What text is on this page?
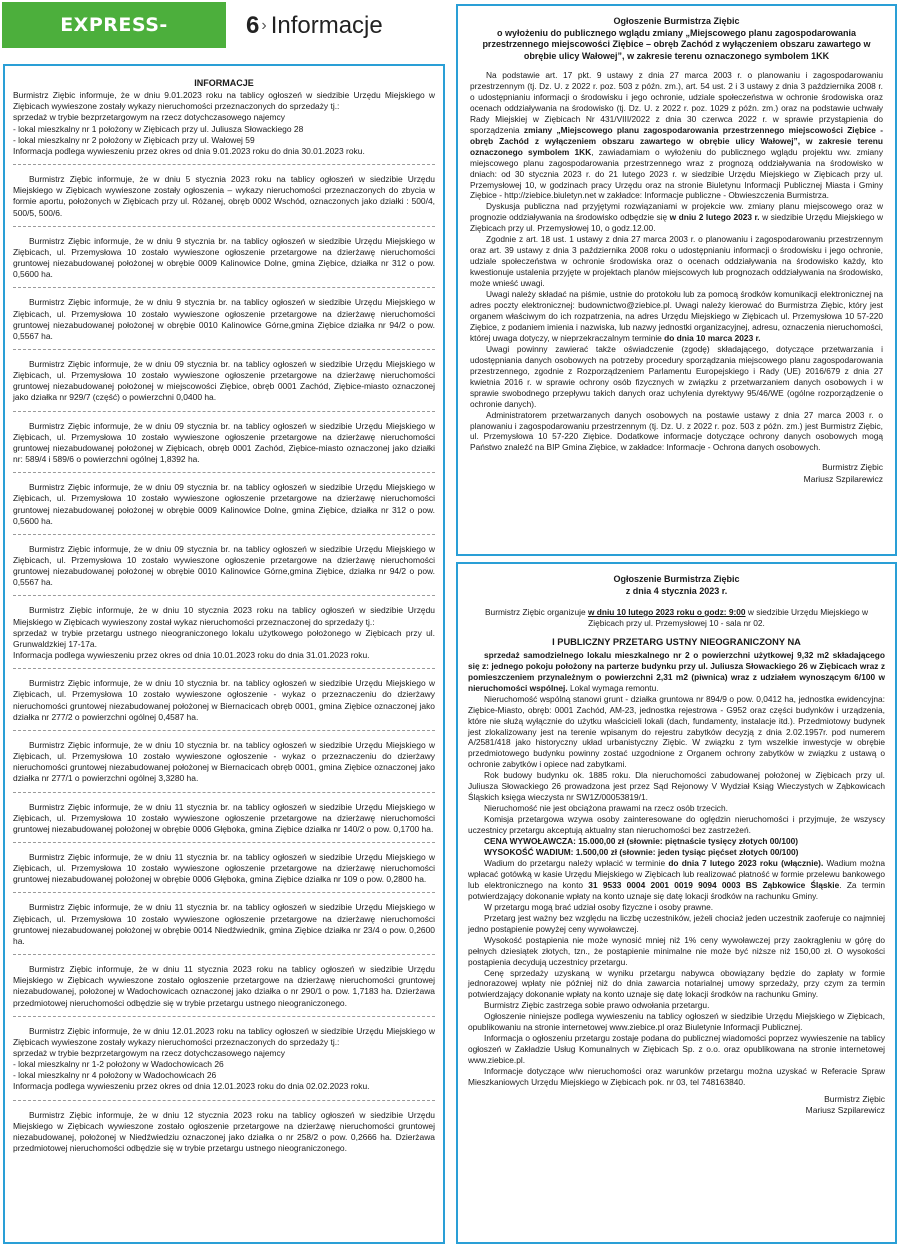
EXPRESS-	6 › Informacje
INFORMACJE

Burmistrz Ziębic informuje, że w dniu 9.01.2023 roku na tablicy ogłoszeń w siedzibie Urzędu Miejskiego w Ziębicach wywieszone zostały wykazy nieruchomości przeznaczonych do sprzedaży tj.:

sprzedaż w trybie bezprzetargowym na rzecz dotychczasowego najemcy

- lokal mieszkalny nr 1 położony w Ziębicach przy ul. Juliusza Słowackiego 28

- lokal mieszkalny nr 2 położony w Ziębicach przy ul. Wałowej 59

Informacja podlega wywieszeniu przez okres od dnia 9.01.2023 roku do dnia 30.01.2023 roku.

Burmistrz Ziębic informuje, że w dniu 5 stycznia 2023 roku na tablicy ogłoszeń w siedzibie Urzędu Miejskiego w Ziębicach wywieszone zostały ogłoszenia – wykazy nieruchomości przeznaczonych do zbycia w formie aportu, położonych w Ziębicach przy ul. Różanej, obręb 0002 Wschód, oznaczonych jako działki : 500/4, 500/5, 500/6.

Burmistrz Ziębic informuje, że w dniu 9 stycznia br. na tablicy ogłoszeń w siedzibie Urzędu Miejskiego w Ziębicach, ul. Przemysłowa 10 zostało wywieszone ogłoszenie przetargowe na dzierżawę nieruchomości gruntowej niezabudowanej położonej w obrębie 0009 Kalinowice Dolne, gmina Ziębice, działka nr 312 o pow. 0,5600 ha.

Burmistrz Ziębic informuje, że w dniu 9 stycznia br. na tablicy ogłoszeń w siedzibie Urzędu Miejskiego w Ziębicach, ul. Przemysłowa 10 zostało wywieszone ogłoszenie przetargowe na dzierżawę nieruchomości gruntowej niezabudowanej położonej w obrębie 0010 Kalinowice Górne,gmina Ziębice działka nr 94/2 o pow. 0,5567 ha.

Burmistrz Ziębic informuje, że w dniu 09 stycznia br. na tablicy ogłoszeń w siedzibie Urzędu Miejskiego w Ziębicach, ul. Przemysłowa 10 zostało wywieszone ogłoszenie przetargowe na dzierżawę nieruchomości gruntowej niezabudowanej położonej w miejscowości Ziębice, obręb 0001 Zachód, Ziębice-miasto oznaczonej jako działka nr 929/7 (część) o powierzchni 0,0400 ha.

Burmistrz Ziębic informuje, że w dniu 09 stycznia br. na tablicy ogłoszeń w siedzibie Urzędu Miejskiego w Ziębicach, ul. Przemysłowa 10 zostało wywieszone ogłoszenie przetargowe na dzierżawę nieruchomości gruntowej niezabudowanej położonej w Ziębicach, obręb 0001 Zachód, Ziębice-miasto oznaczonej jako działki nr: 589/4 i 589/6 o powierzchni ogólnej 1,8392 ha.

Burmistrz Ziębic informuje, że w dniu 09 stycznia br. na tablicy ogłoszeń w siedzibie Urzędu Miejskiego w Ziębicach, ul. Przemysłowa 10 zostało wywieszone ogłoszenie przetargowe na dzierżawę nieruchomości gruntowej niezabudowanej położonej w obrębie 0009 Kalinowice Dolne, gmina Ziębice, działka nr 312 o pow. 0,5600 ha.

Burmistrz Ziębic informuje, że w dniu 09 stycznia br. na tablicy ogłoszeń w siedzibie Urzędu Miejskiego w Ziębicach, ul. Przemysłowa 10 zostało wywieszone ogłoszenie przetargowe na dzierżawę nieruchomości gruntowej niezabudowanej położonej w obrębie 0010 Kalinowice Górne,gmina Ziębice, działka nr 94/2 o pow. 0,5567 ha.

Burmistrz Ziębic informuje, że w dniu 10 stycznia 2023 roku na tablicy ogłoszeń w siedzibie Urzędu Miejskiego w Ziębicach wywieszony został wykaz nieruchomości przeznaczonej do sprzedaży tj.:

sprzedaż w trybie przetargu ustnego nieograniczonego lokalu użytkowego położonego w Ziębicach przy ul. Grunwaldzkiej 17-17a.

Informacja podlega wywieszeniu przez okres od dnia 10.01.2023 roku do dnia 31.01.2023 roku.

Burmistrz Ziębic informuje, że w dniu 10 stycznia br. na tablicy ogłoszeń w siedzibie Urzędu Miejskiego w Ziębicach, ul. Przemysłowa 10 zostało wywieszone ogłoszenie - wykaz o przeznaczeniu do dzierżawy nieruchomości gruntowej niezabudowanej położonej w Biernacicach obręb 0001, gmina Ziębice oznaczonej jako działka nr 277/2 o powierzchni ogólnej 0,4587 ha.

Burmistrz Ziębic informuje, że w dniu 10 stycznia br. na tablicy ogłoszeń w siedzibie Urzędu Miejskiego w Ziębicach, ul. Przemysłowa 10 zostało wywieszone ogłoszenie - wykaz o przeznaczeniu do dzierżawy nieruchomości gruntowej niezabudowanej położonej w Biernacicach obręb 0001, gmina Ziębice oznaczonej jako działka nr 277/1 o powierzchni ogólnej 3,3280 ha.

Burmistrz Ziębic informuje, że w dniu 11 stycznia br. na tablicy ogłoszeń w siedzibie Urzędu Miejskiego w Ziębicach, ul. Przemysłowa 10 zostało wywieszone ogłoszenie przetargowe na dzierżawę nieruchomości gruntowej niezabudowanej położonej w obrębie 0006 Głęboka, gmina Ziębice działka nr 140/2 o pow. 0,1700 ha.

Burmistrz Ziębic informuje, że w dniu 11 stycznia br. na tablicy ogłoszeń w siedzibie Urzędu Miejskiego w Ziębicach, ul. Przemysłowa 10 zostało wywieszone ogłoszenie przetargowe na dzierżawę nieruchomości gruntowej niezabudowanej położonej w obrębie 0006 Głęboka, gmina Ziębice działka nr 109 o pow. 0,2800 ha.

Burmistrz Ziębic informuje, że w dniu 11 stycznia br. na tablicy ogłoszeń w siedzibie Urzędu Miejskiego w Ziębicach, ul. Przemysłowa 10 zostało wywieszone ogłoszenie przetargowe na dzierżawę nieruchomości gruntowej niezabudowanej położonej w obrębie 0014 Niedźwiednik, gmina Ziębice działka nr 23/4 o pow. 0,2600 ha.

Burmistrz Ziębic informuje, że w dniu 11 stycznia 2023 roku na tablicy ogłoszeń w siedzibie Urzędu Miejskiego w Ziębicach wywieszone zostało ogłoszenie przetargowe na dzierżawę nieruchomości gruntowej niezabudowanej, położonej w Wadochowicach oznaczonej jako działka o nr 290/1 o pow. 1,7183 ha. Dzierżawa przedmiotowej nieruchomości odbędzie się w trybie przetargu ustnego nieograniczonego.

Burmistrz Ziębic informuje, że w dniu 12.01.2023 roku na tablicy ogłoszeń w siedzibie Urzędu Miejskiego w Ziębicach wywieszone zostały wykazy nieruchomości przeznaczonych do sprzedaży tj.:

sprzedaż w trybie bezprzetargowym na rzecz dotychczasowego najemcy

- lokal mieszkalny nr 1-2 położony w Wadochowicach 26

- lokal mieszkalny nr 4 położony w Wadochowicach 26

Informacja podlega wywieszeniu przez okres od dnia 12.01.2023 roku do dnia 02.02.2023 roku.

Burmistrz Ziębic informuje, że w dniu 12 stycznia 2023 roku na tablicy ogłoszeń w siedzibie Urzędu Miejskiego w Ziębicach wywieszone zostało ogłoszenie przetargowe na dzierżawę nieruchomości gruntowej niezabudowanej, położonej w Niedźwiedziu oznaczonej jako działka o nr 258/2 o pow. 0,2666 ha. Dzierżawa przedmiotowej nieruchomości odbędzie się w trybie przetargu ustnego nieograniczonego.

Ogłoszenie Burmistrza Ziębic
o wyłożeniu do publicznego wglądu zmiany „Miejscowego planu zagospodarowania przestrzennego miejscowości Ziębice – obręb Zachód z wyłączeniem obszaru zawartego w obrębie ulicy Wałowej”, w zakresie terenu oznaczonego symbolem 1KK

Na podstawie art. 17 pkt. 9 ustawy z dnia 27 marca 2003 r. o planowaniu i zagospodarowaniu przestrzennym (tj. Dz. U. z 2022 r. poz. 503 z późn. zm.), art. 54 ust. 2 i 3 ustawy z dnia 3 października 2008 r. o udostępnianiu informacji o środowisku i jego ochronie, udziale społeczeństwa w ochronie środowiska oraz ocenach oddziaływania na środowisko (tj. Dz. U. z 2022 r. poz. 1029 z późn. zm.) oraz na podstawie uchwały Rady Miejskiej w Ziębicach Nr 431/VIII/2022 z dnia 30 czerwca 2022 r. w sprawie przystąpienia do sporządzenia zmiany „Miejscowego planu zagospodarowania przestrzennego miejscowości Ziębice - obręb Zachód z wyłączeniem obszaru zawartego w obrębie ulicy Wałowej”, w zakresie terenu oznaczonego symbolem 1KK, zawiadamiam o wyłożeniu do publicznego wglądu projektu ww. zmiany miejscowego planu zagospodarowania przestrzennego wraz z prognozą oddziaływania na środowisko w dniach: od 30 stycznia 2023 r. do 21 lutego 2023 r. w siedzibie Urzędu Miejskiego w Ziębicach przy ul. Przemysłowej 10, w godzinach pracy Urzędu oraz na stronie Biuletynu Informacji Publicznej Miasta i Gminy Ziębice - http://ziebice.biuletyn.net w zakładce: Informacje publiczne - Obwieszczenia Burmistrza.

Dyskusja publiczna nad przyjętymi rozwiązaniami w projekcie ww. zmiany planu miejscowego oraz w prognozie oddziaływania na środowisko odbędzie się w dniu 2 lutego 2023 r. w siedzibie Urzędu Miejskiego w Ziębicach przy ul. Przemysłowej 10, o godz.12.00.

Zgodnie z art. 18 ust. 1 ustawy z dnia 27 marca 2003 r. o planowaniu i zagospodarowaniu przestrzennym oraz art. 39 ustawy z dnia 3 października 2008 roku o udostępnianiu informacji o środowisku i jego ochronie, udziale społeczeństwa w ochronie środowiska oraz o ocenach oddziaływania na środowisko każdy, kto kwestionuje ustalenia przyjęte w projektach planów miejscowych lub prognozach oddziaływania na środowisko, może wnieść uwagi.

Uwagi należy składać na piśmie, ustnie do protokołu lub za pomocą środków komunikacji elektronicznej na adres poczty elektronicznej: budownictwo@ziebice.pl. Uwagi należy kierować do Burmistrza Ziębic, który jest organem właściwym do ich rozpatrzenia, na adres Urzędu Miejskiego w Ziębicach ul. Przemysłowa 10 57-220 Ziębice, z podaniem imienia i nazwiska, lub nazwy jednostki organizacyjnej, adresu, oznaczenia nieruchomości, której uwaga dotyczy, w nieprzekraczalnym terminie do dnia 10 marca 2023 r.

Uwagi powinny zawierać także oświadczenie (zgodę) składającego, dotyczące przetwarzania i udostępniania danych osobowych na potrzeby procedury sporządzania miejscowego planu zagospodarowania przestrzennego, zgodnie z Rozporządzeniem Parlamentu Europejskiego i Rady (UE) 2016/679 z dnia 27 kwietnia 2016 r. w sprawie ochrony osób fizycznych w związku z przetwarzaniem danych osobowych i w sprawie swobodnego przepływu takich danych oraz uchylenia dyrektywy 95/46/WE (ogólne rozporządzenie o ochronie danych).

Administratorem przetwarzanych danych osobowych na postawie ustawy z dnia 27 marca 2003 r. o planowaniu i zagospodarowaniu przestrzennym (tj. Dz. U. z 2022 r. poz. 503 z późn. zm.) jest Burmistrz Ziębic, ul. Przemysłowa 10 57-220 Ziębice. Dodatkowe informacje dotyczące ochrony danych osobowych mogą Państwo znaleźć na BIP Gmina Ziębice, w zakładce: Informacje - Ochrona danych osobowych.

Burmistrz Ziębic
Mariusz Szpilarewicz
Ogłoszenie Burmistrza Ziębic
z dnia 4 stycznia 2023 r.

Burmistrz Ziębic organizuje w dniu 10 lutego 2023 roku o godz: 9:00 w siedzibie Urzędu Miejskiego w Ziębicach przy ul. Przemysłowej 10 - sala nr 02.

I PUBLICZNY PRZETARG USTNY NIEOGRANICZONY NA

sprzedaż samodzielnego lokalu mieszkalnego nr 2 o powierzchni użytkowej 9,32 m2 składającego się z: jednego pokoju położony na parterze budynku przy ul. Juliusza Słowackiego 26 w Ziębicach wraz z pomieszczeniem przynależnym o powierzchni 2,31 m2 (piwnica) wraz z udziałem wynoszącym 6/100 w nieruchomości wspólnej. Lokal wymaga remontu.

Nieruchomość wspólną stanowi grunt - działka gruntowa nr 894/9 o pow. 0,0412 ha, jednostka ewidencyjna: Ziębice-Miasto, obręb: 0001 Zachód, AM-23, jednostka rejestrowa - G952 oraz części budynków i urządzenia, które nie służą wyłącznie do użytku właścicieli lokali (dach, fundamenty, instalacje itd.). Przedmiotowy budynek jest zlokalizowany jest na terenie wpisanym do rejestru zabytków decyzją z dnia 2.02.1957r. pod numerem A/2581/418 jako historyczny układ urbanistyczny Ziębic. W związku z tym wszelkie inwestycje w obrębie przedmiotowego budynku powinny zostać uzgodnione z Organem ochrony zabytków w związku z ustawą o ochronie zabytków i opiece nad zabytkami.

Rok budowy budynku ok. 1885 roku. Dla nieruchomości zabudowanej położonej w Ziębicach przy ul. Juliusza Słowackiego 26 prowadzona jest przez Sąd Rejonowy V Wydział Ksiąg Wieczystych w Ząbkowicach Śląskich księga wieczysta nr SW1Z/00053819/1.

Nieruchomość nie jest obciążona prawami na rzecz osób trzecich.

Komisja przetargowa wzywa osoby zainteresowane do oględzin nieruchomości i przyjmuje, że wszyscy uczestnicy przetargu akceptują aktualny stan nieruchomości bez zastrzeżeń.

CENA WYWOŁAWCZA: 15.000,00 zł (słownie: piętnaście tysięcy złotych 00/100)

WYSOKOŚĆ WADIUM: 1.500,00 zł (słownie: jeden tysiąc pięćset złotych 00/100)

Wadium do przetargu należy wpłacić w terminie do dnia 7 lutego 2023 roku (włącznie). Wadium można wpłacać gotówką w kasie Urzędu Miejskiego w Ziębicach lub realizować płatność w formie przelewu bankowego lub elektronicznego na konto 31 9533 0004 2001 0019 9094 0003 BS Ząbkowice Śląskie. Za termin potwierdzający dokonanie wpłaty na konto uznaje się datę lokacji środków na rachunku Gminy.

W przetargu mogą brać udział osoby fizyczne i osoby prawne.

Przetarg jest ważny bez względu na liczbę uczestników, jeżeli chociaż jeden uczestnik zaoferuje co najmniej jedno postąpienie powyżej ceny wywoławczej.

Wysokość postąpienia nie może wynosić mniej niż 1% ceny wywoławczej przy zaokrągleniu w górę do pełnych dziesiątek złotych, tzn., że postąpienie minimalne nie może być niższe niż 150,00 zł. O wysokości postąpienia decydują uczestnicy przetargu.

Cenę sprzedaży uzyskaną w wyniku przetargu nabywca obowiązany będzie do zapłaty w formie jednorazowej wpłaty nie później niż do dnia zawarcia notarialnej umowy sprzedaży, przy czym za termin potwierdzający dokonanie wpłaty na konto uznaje się datę lokacji środków na rachunku Gminy.

Burmistrz Ziębic zastrzega sobie prawo odwołania przetargu.

Ogłoszenie niniejsze podlega wywieszeniu na tablicy ogłoszeń w siedzibie Urzędu Miejskiego w Ziębicach, opublikowaniu na stronie internetowej www.ziebice.pl oraz Biuletynie Informacji Publicznej.

Informacja o ogłoszeniu przetargu zostaje podana do publicznej wiadomości poprzez wywieszenie na tablicy ogłoszeń w Zakładzie Usług Komunalnych w Ziębicach Sp. z o.o. oraz opublikowana na stronie internetowej www.ziebice.pl.

Informacje dotyczące w/w nieruchomości oraz warunków przetargu można uzyskać w Referacie Spraw Mieszkaniowych Urzędu Miejskiego w Ziębicach pok. nr 03, tel 748163840.

Burmistrz Ziębic
Mariusz Szpilarewicz
